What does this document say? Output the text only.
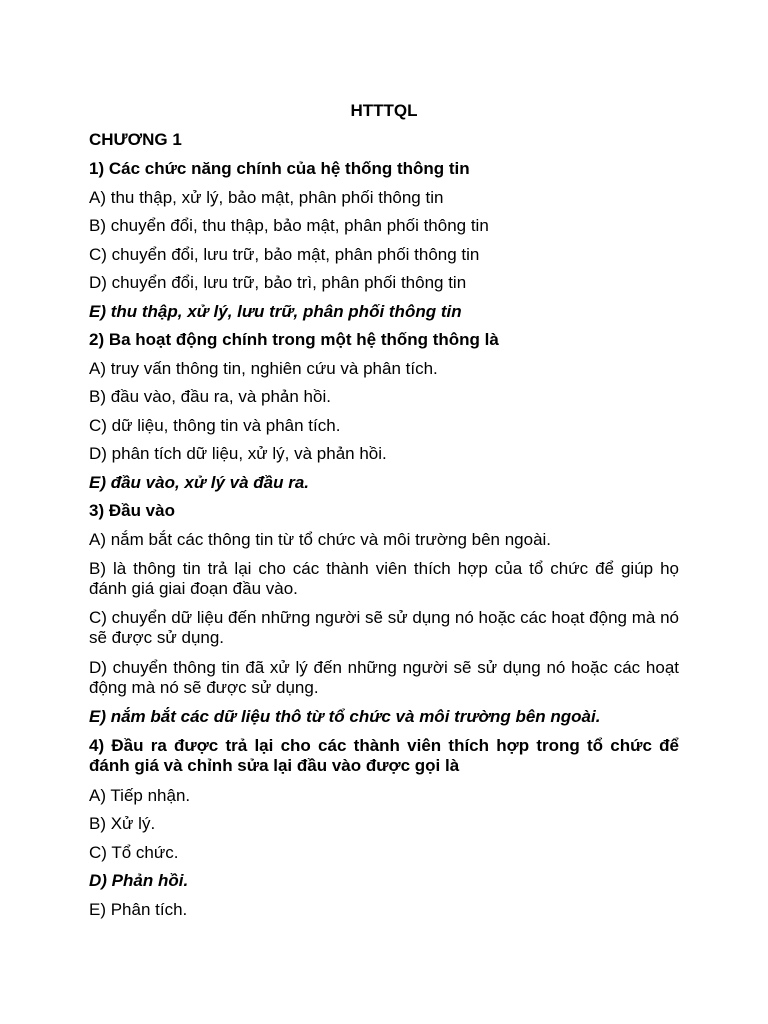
HTTTQL
CHƯƠNG 1
1) Các chức năng chính của hệ thống thông tin
A) thu thập, xử lý, bảo mật, phân phối thông tin
B) chuyển đổi, thu thập, bảo mật, phân phối thông tin
C) chuyển đổi, lưu trữ, bảo mật, phân phối thông tin
D) chuyển đổi, lưu trữ, bảo trì, phân phối thông tin
E) thu thập, xử lý, lưu trữ, phân phối thông tin
2) Ba hoạt động chính trong một hệ thống thông là
A) truy vấn thông tin, nghiên cứu và phân tích.
B) đầu vào, đầu ra, và phản hồi.
C) dữ liệu, thông tin và phân tích.
D) phân tích dữ liệu, xử lý, và phản hồi.
E) đầu vào, xử lý và đầu ra.
3) Đầu vào
A) nắm bắt các thông tin từ tổ chức và môi trường bên ngoài.
B) là thông tin trả lại cho các thành viên thích hợp của tổ chức để giúp họ đánh giá giai đoạn đầu vào.
C) chuyển dữ liệu đến những người sẽ sử dụng nó hoặc các hoạt động mà nó sẽ được sử dụng.
D) chuyển thông tin đã xử lý đến những người sẽ sử dụng nó hoặc các hoạt động mà nó sẽ được sử dụng.
E) nắm bắt các dữ liệu thô từ tổ chức và môi trường bên ngoài.
4) Đầu ra được trả lại cho các thành viên thích hợp trong tổ chức để đánh giá và chỉnh sửa lại đầu vào được gọi là
A) Tiếp nhận.
B) Xử lý.
C) Tổ chức.
D) Phản hồi.
E) Phân tích.
